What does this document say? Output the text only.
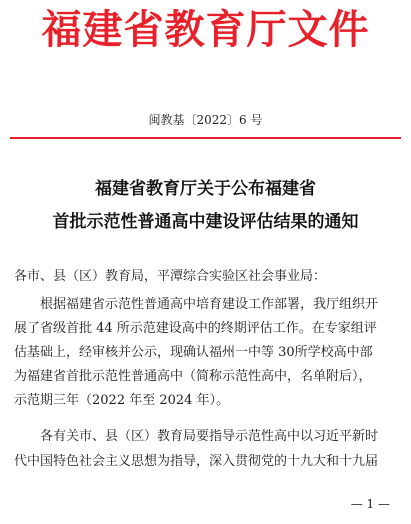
福建省教育厅文件
闽教基〔2022〕6 号
福建省教育厅关于公布福建省
首批示范性普通高中建设评估结果的通知
各市、县（区）教育局，平潭综合实验区社会事业局：
　　根据福建省示范性普通高中培育建设工作部署，我厅组织开
展了省级首批 44 所示范建设高中的终期评估工作。在专家组评
估基础上，经审核并公示，现确认福州一中等 30所学校高中部
为福建省首批示范性普通高中（简称示范性高中，名单附后），
示范期三年（2022 年至 2024 年）。
　　各有关市、县（区）教育局要指导示范性高中以习近平新时
代中国特色社会主义思想为指导，深入贯彻党的十九大和十九届
— 1 —
